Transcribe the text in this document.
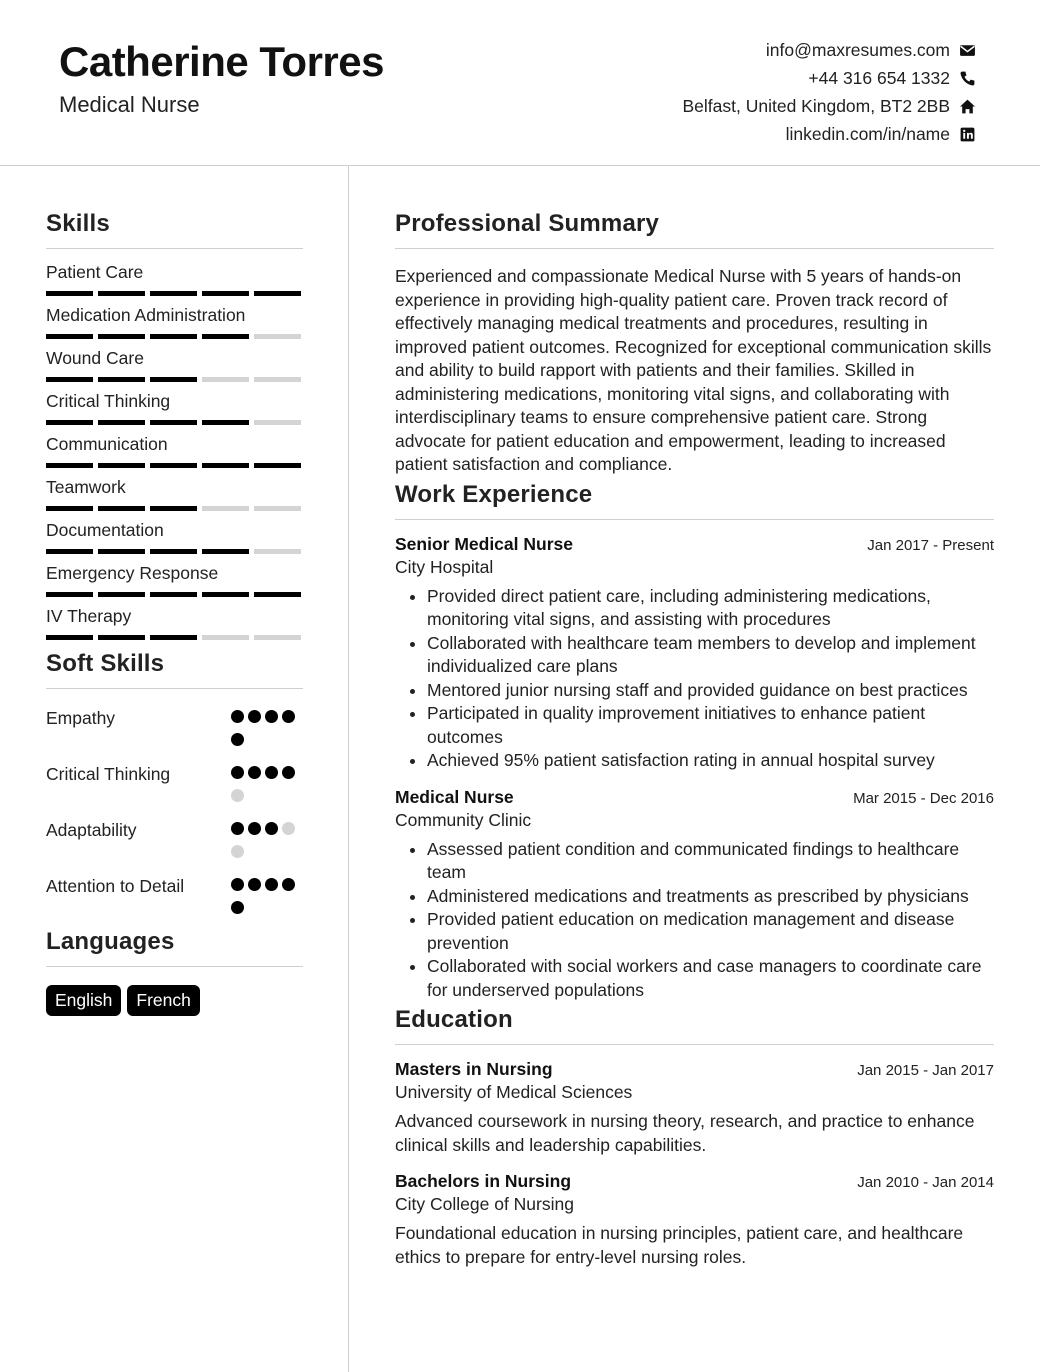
Catherine Torres
Medical Nurse
info@maxresumes.com
+44 316 654 1332
Belfast, United Kingdom, BT2 2BB
linkedin.com/in/name
Skills
Patient Care
Medication Administration
Wound Care
Critical Thinking
Communication
Teamwork
Documentation
Emergency Response
IV Therapy
Soft Skills
Empathy
Critical Thinking
Adaptability
Attention to Detail
Languages
English	French
Professional Summary
Experienced and compassionate Medical Nurse with 5 years of hands-on experience in providing high-quality patient care. Proven track record of effectively managing medical treatments and procedures, resulting in improved patient outcomes. Recognized for exceptional communication skills and ability to build rapport with patients and their families. Skilled in administering medications, monitoring vital signs, and collaborating with interdisciplinary teams to ensure comprehensive patient care. Strong advocate for patient education and empowerment, leading to increased patient satisfaction and compliance.
Work Experience
Senior Medical Nurse	Jan 2017 - Present
City Hospital
• Provided direct patient care, including administering medications, monitoring vital signs, and assisting with procedures
• Collaborated with healthcare team members to develop and implement individualized care plans
• Mentored junior nursing staff and provided guidance on best practices
• Participated in quality improvement initiatives to enhance patient outcomes
• Achieved 95% patient satisfaction rating in annual hospital survey
Medical Nurse	Mar 2015 - Dec 2016
Community Clinic
• Assessed patient condition and communicated findings to healthcare team
• Administered medications and treatments as prescribed by physicians
• Provided patient education on medication management and disease prevention
• Collaborated with social workers and case managers to coordinate care for underserved populations
Education
Masters in Nursing	Jan 2015 - Jan 2017
University of Medical Sciences
Advanced coursework in nursing theory, research, and practice to enhance clinical skills and leadership capabilities.
Bachelors in Nursing	Jan 2010 - Jan 2014
City College of Nursing
Foundational education in nursing principles, patient care, and healthcare ethics to prepare for entry-level nursing roles.
